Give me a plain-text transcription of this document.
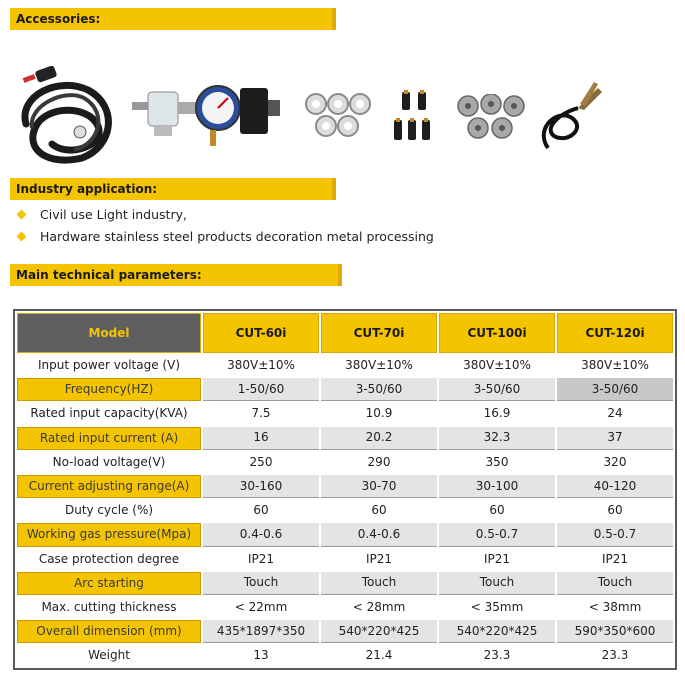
Accessories:
Industry application:
Civil use Light industry,
Hardware stainless steel products decoration metal processing
Main technical parameters:
Model	CUT-60i	CUT-70i	CUT-100i	CUT-120i
Input power voltage (V)	380V±10%	380V±10%	380V±10%	380V±10%
Frequency(HZ)	1-50/60	3-50/60	3-50/60	3-50/60
Rated input capacity(KVA)	7.5	10.9	16.9	24
Rated input current (A)	16	20.2	32.3	37
No-load voltage(V)	250	290	350	320
Current adjusting range(A)	30-160	30-70	30-100	40-120
Duty cycle (%)	60	60	60	60
Working gas pressure(Mpa)	0.4-0.6	0.4-0.6	0.5-0.7	0.5-0.7
Case protection degree	IP21	IP21	IP21	IP21
Arc starting	Touch	Touch	Touch	Touch
Max. cutting thickness	< 22mm	< 28mm	< 35mm	< 38mm
Overall dimension (mm)	435*1897*350	540*220*425	540*220*425	590*350*600
Weight	13	21.4	23.3	23.3
